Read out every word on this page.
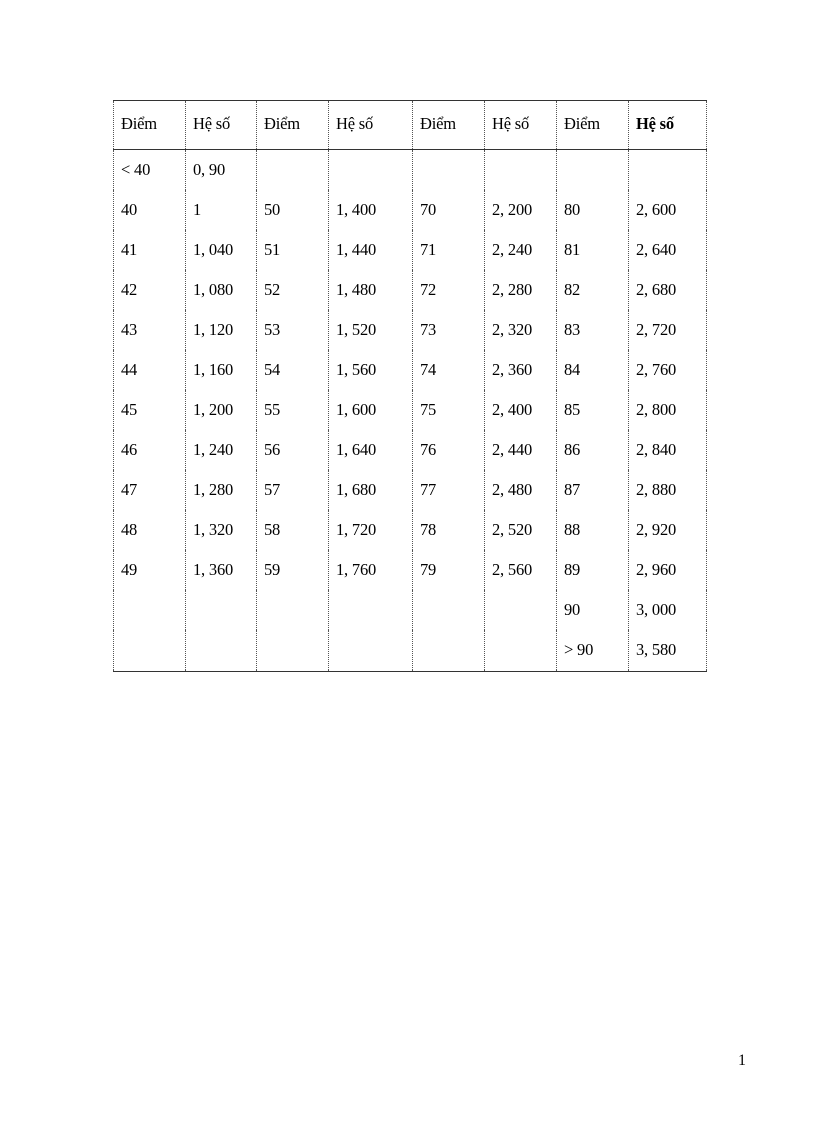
Điểm	Hệ số	Điểm	Hệ số	Điểm	Hệ số	Điểm	Hệ số
< 40	0, 90						
40	1	50	1, 400	70	2, 200	80	2, 600
41	1, 040	51	1, 440	71	2, 240	81	2, 640
42	1, 080	52	1, 480	72	2, 280	82	2, 680
43	1, 120	53	1, 520	73	2, 320	83	2, 720
44	1, 160	54	1, 560	74	2, 360	84	2, 760
45	1, 200	55	1, 600	75	2, 400	85	2, 800
46	1, 240	56	1, 640	76	2, 440	86	2, 840
47	1, 280	57	1, 680	77	2, 480	87	2, 880
48	1, 320	58	1, 720	78	2, 520	88	2, 920
49	1, 360	59	1, 760	79	2, 560	89	2, 960
						90	3, 000
						> 90	3, 580

1
